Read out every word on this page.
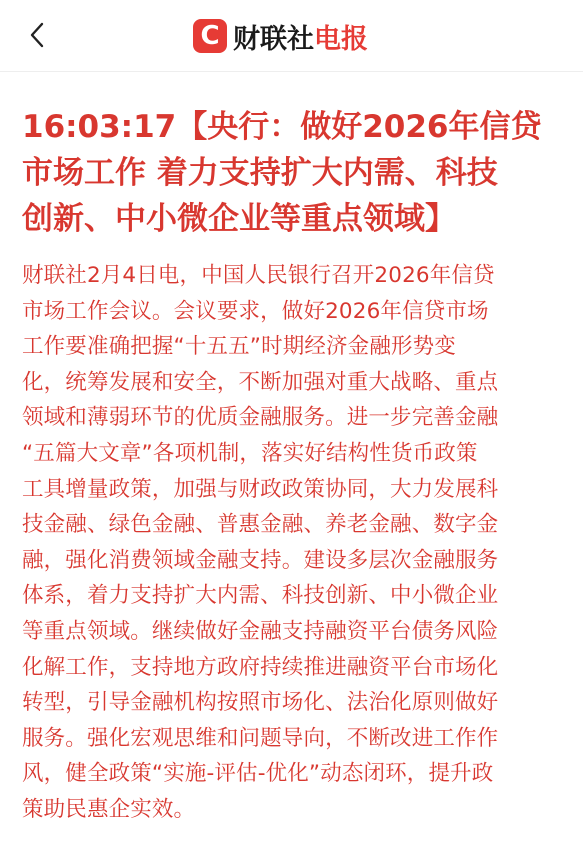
C 财联社 电报
16:03:17【央行：做好2026年信贷
市场工作 着力支持扩大内需、科技
创新、中小微企业等重点领域】
财联社2月4日电，中国人民银行召开2026年信贷
市场工作会议。会议要求，做好2026年信贷市场
工作要准确把握“十五五”时期经济金融形势变
化，统筹发展和安全，不断加强对重大战略、重点
领域和薄弱环节的优质金融服务。进一步完善金融
“五篇大文章”各项机制，落实好结构性货币政策
工具增量政策，加强与财政政策协同，大力发展科
技金融、绿色金融、普惠金融、养老金融、数字金
融，强化消费领域金融支持。建设多层次金融服务
体系，着力支持扩大内需、科技创新、中小微企业
等重点领域。继续做好金融支持融资平台债务风险
化解工作，支持地方政府持续推进融资平台市场化
转型，引导金融机构按照市场化、法治化原则做好
服务。强化宏观思维和问题导向，不断改进工作作
风，健全政策“实施-评估-优化”动态闭环，提升政
策助民惠企实效。
